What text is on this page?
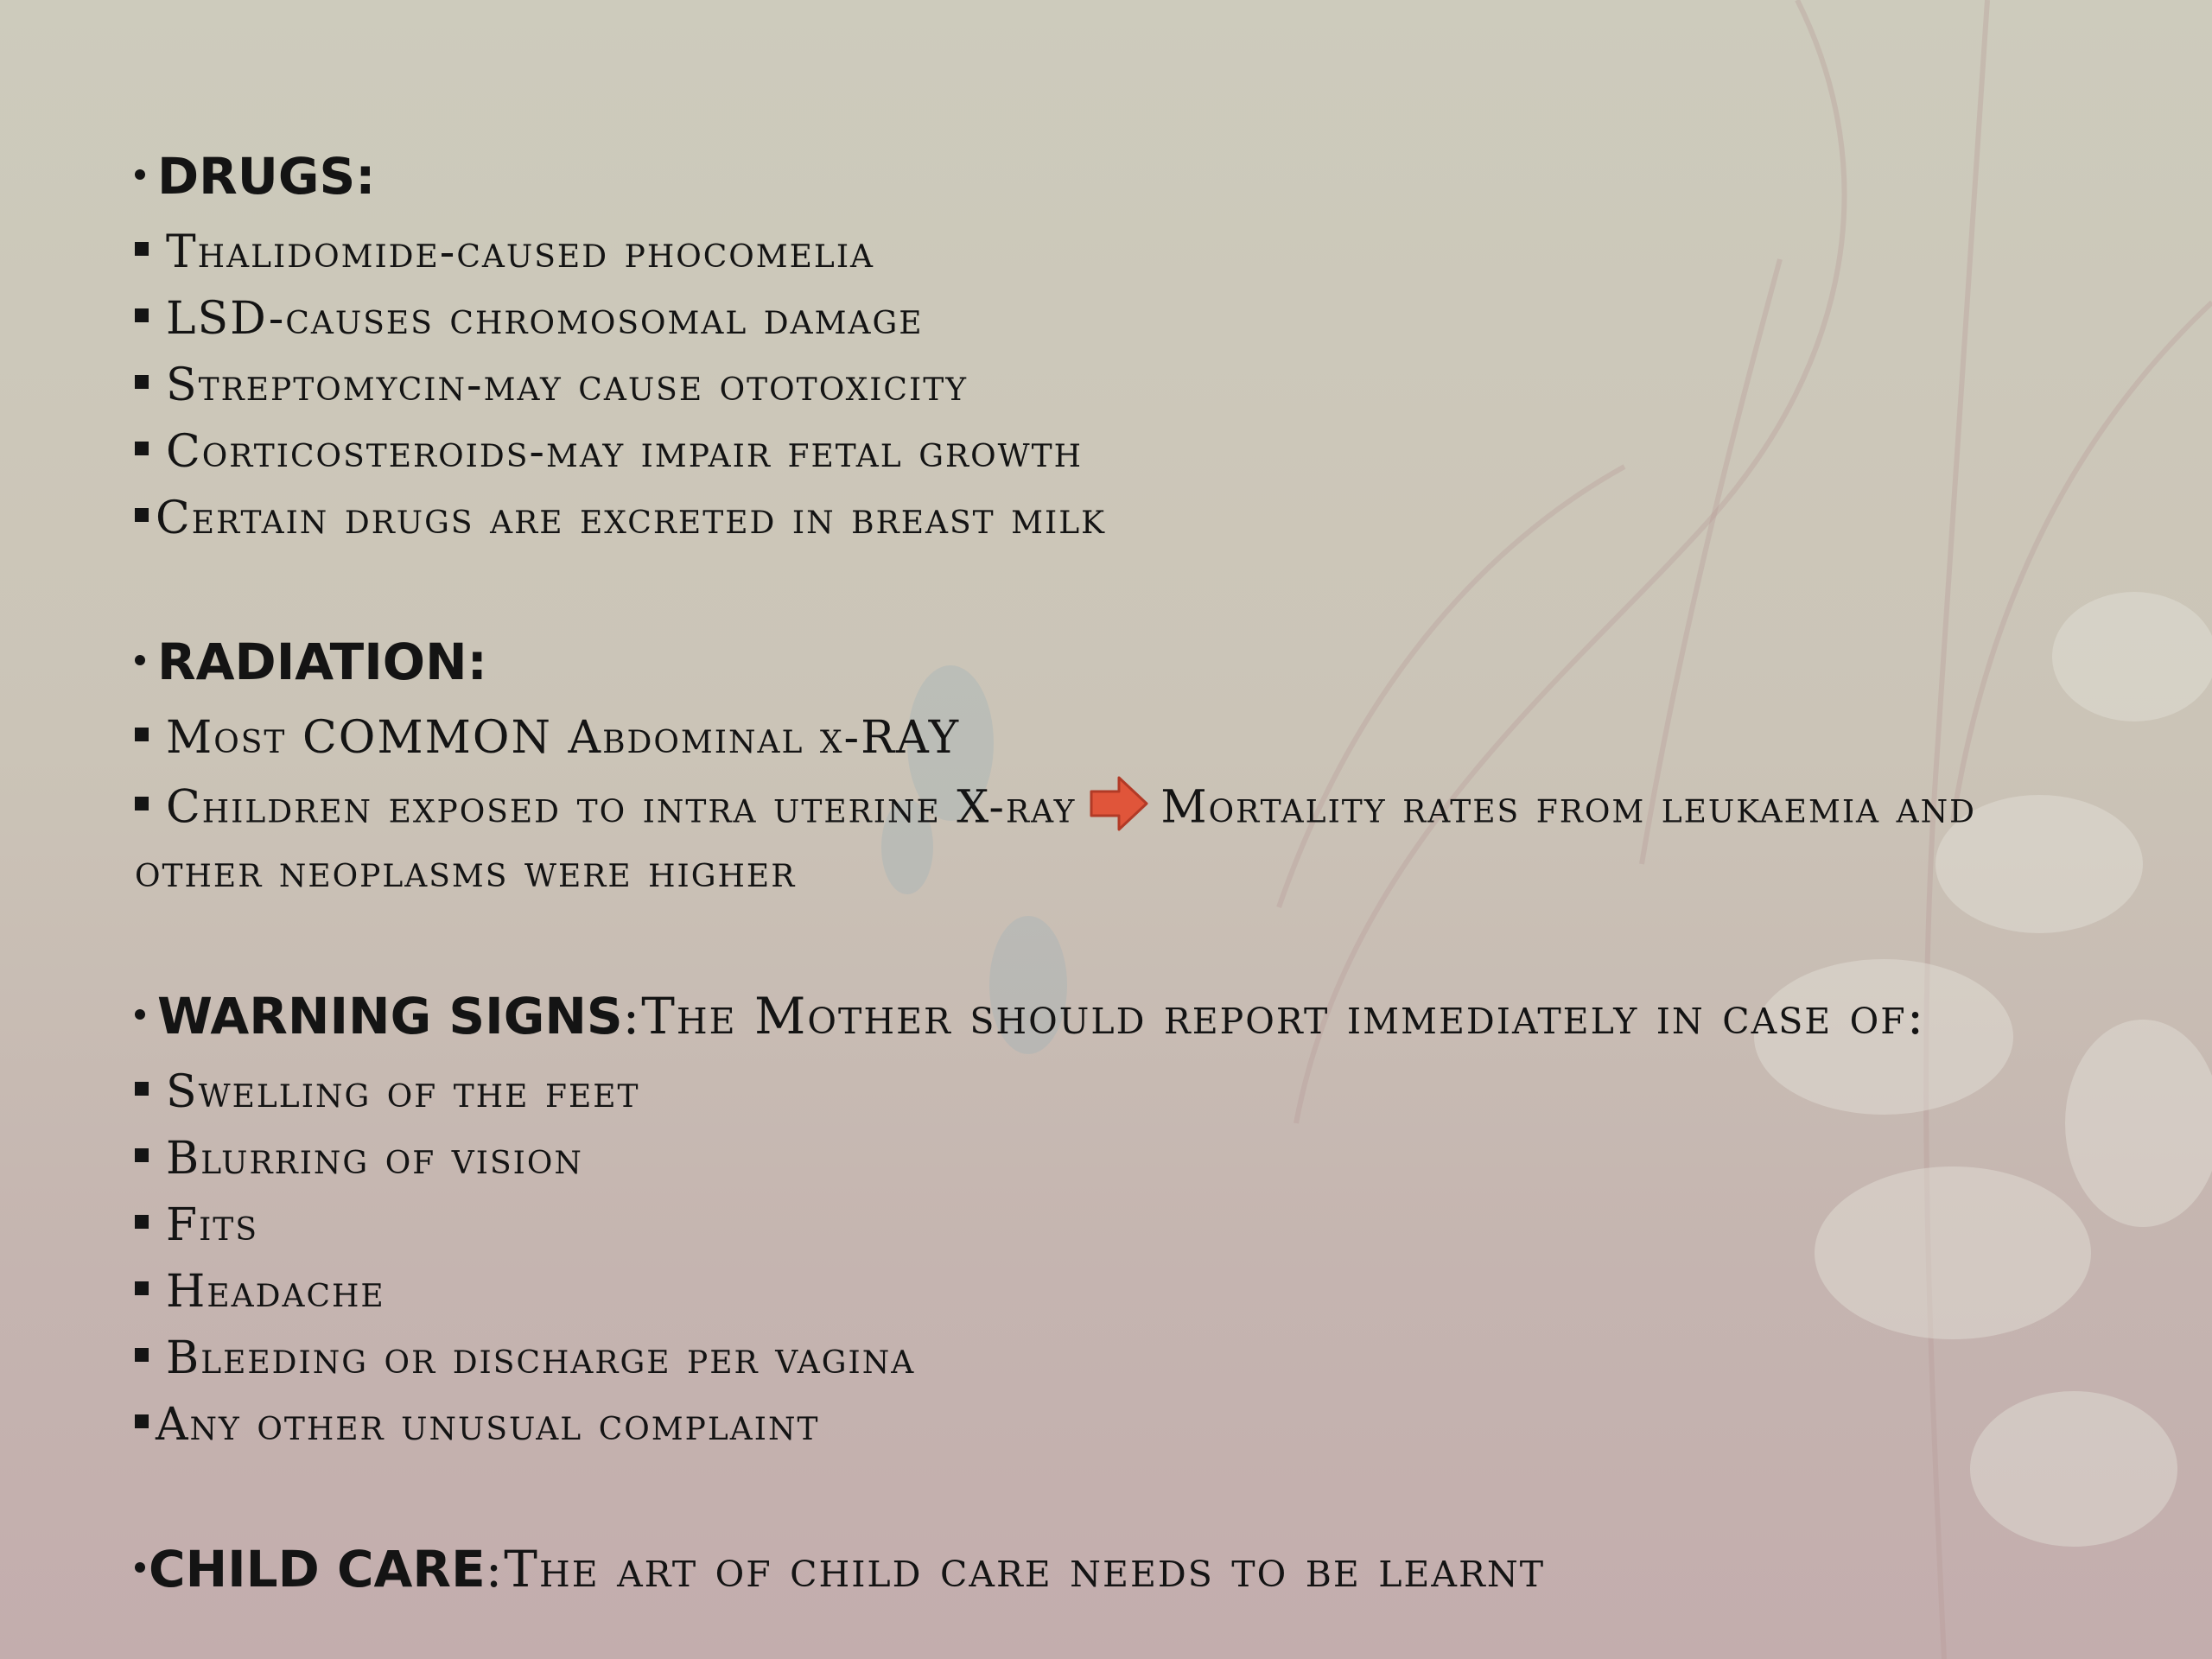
DRUGS:
Thalidomide-caused phocomelia
LSD-causes chromosomal damage
Streptomycin-may cause ototoxicity
Corticosteroids-may impair fetal growth
Certain drugs are excreted in breast milk
RADIATION:
Most COMMON Abdominal x-RAY
Children exposed to intra uterine X-ray Mortality rates from leukaemia and
other neoplasms were higher
WARNING SIGNS:The Mother should report immediately in case of:
Swelling of the feet
Blurring of vision
Fits
Headache
Bleeding or discharge per vagina
Any other unusual complaint
CHILD CARE:The art of child care needs to be learnt
